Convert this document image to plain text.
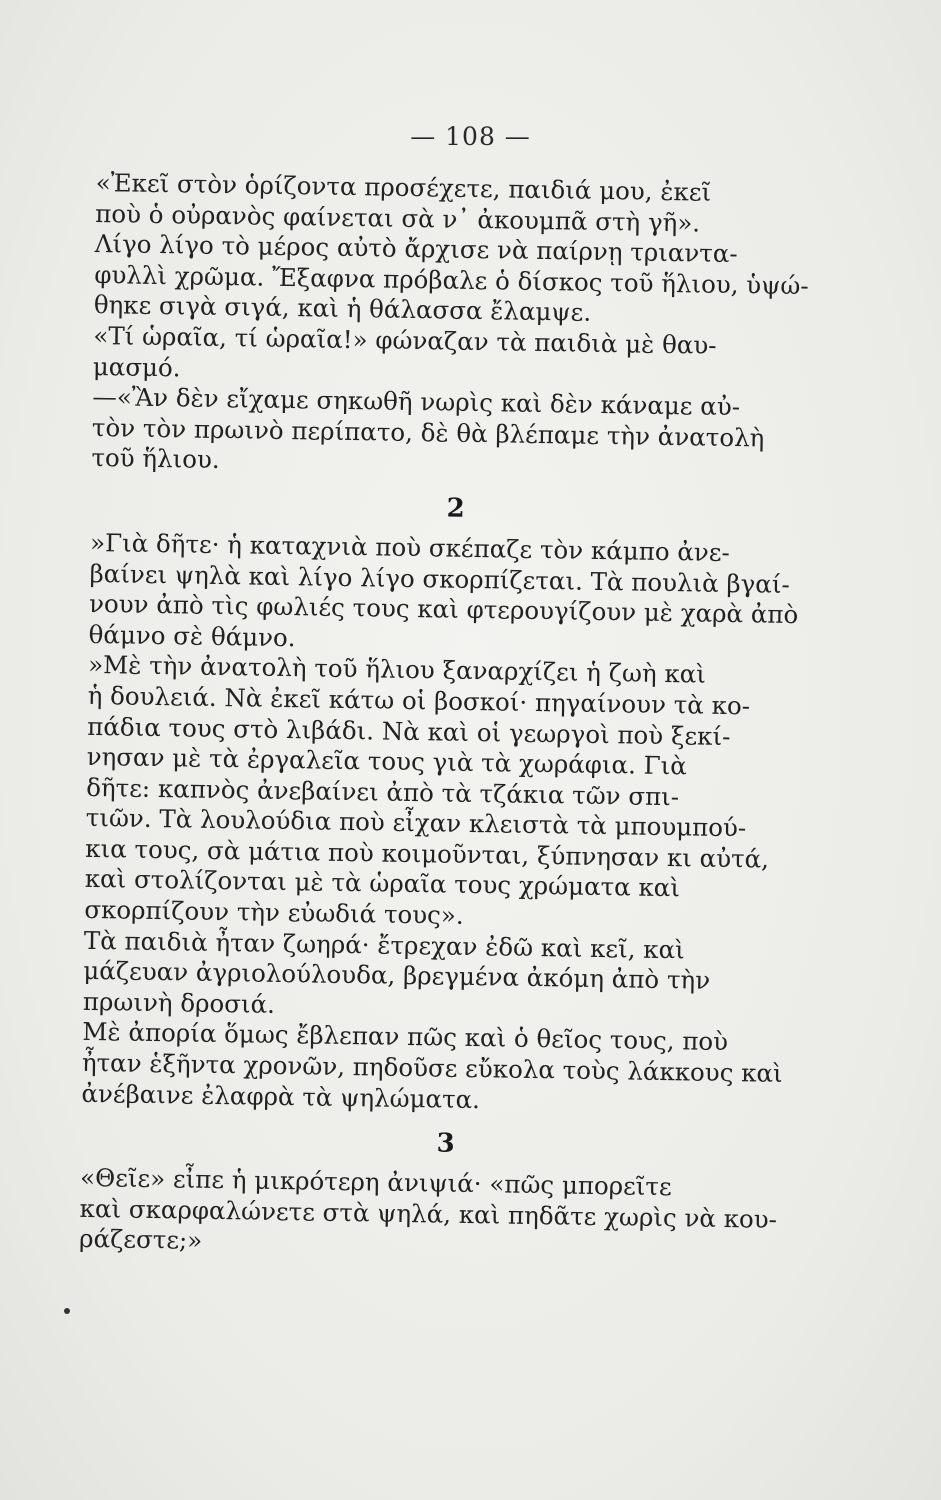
— 108 —

«Ἐκεῖ στὸν ὁρίζοντα προσέχετε, παιδιά μου, ἐκεῖ
ποὺ ὁ οὐρανὸς φαίνεται σὰ ν᾽ ἀκουμπᾶ στὴ γῆ».

Λίγο λίγο τὸ μέρος αὐτὸ ἄρχισε νὰ παίρνῃ τριαντα-
φυλλὶ χρῶμα. Ἔξαφνα πρόβαλε ὁ δίσκος τοῦ ἥλιου, ὑψώ-
θηκε σιγὰ σιγά, καὶ ἡ θάλασσα ἔλαμψε.

«Τί ὡραῖα, τί ὡραῖα!» φώναζαν τὰ παιδιὰ μὲ θαυ-
μασμό.

—«Ἂν δὲν εἴχαμε σηκωθῆ νωρὶς καὶ δὲν κάναμε αὐ-
τὸν τὸν πρωινὸ περίπατο, δὲ θὰ βλέπαμε τὴν ἀνατολὴ
τοῦ ἥλιου.

2

»Γιὰ δῆτε· ἡ καταχνιὰ ποὺ σκέπαζε τὸν κάμπο ἀνε-
βαίνει ψηλὰ καὶ λίγο λίγο σκορπίζεται. Τὰ πουλιὰ βγαί-
νουν ἀπὸ τὶς φωλιές τους καὶ φτερουγίζουν μὲ χαρὰ ἀπὸ
θάμνο σὲ θάμνο.

»Μὲ τὴν ἀνατολὴ τοῦ ἥλιου ξαναρχίζει ἡ ζωὴ καὶ
ἡ δουλειά. Νὰ ἐκεῖ κάτω οἱ βοσκοί· πηγαίνουν τὰ κο-
πάδια τους στὸ λιβάδι. Νὰ καὶ οἱ γεωργοὶ ποὺ ξεκί-
νησαν μὲ τὰ ἐργαλεῖα τους γιὰ τὰ χωράφια. Γιὰ
δῆτε: καπνὸς ἀνεβαίνει ἀπὸ τὰ τζάκια τῶν σπι-
τιῶν. Τὰ λουλούδια ποὺ εἶχαν κλειστὰ τὰ μπουμπού-
κια τους, σὰ μάτια ποὺ κοιμοῦνται, ξύπνησαν κι αὐτά,
καὶ στολίζονται μὲ τὰ ὡραῖα τους χρώματα καὶ
σκορπίζουν τὴν εὐωδιά τους».

Τὰ παιδιὰ ἦταν ζωηρά· ἔτρεχαν ἐδῶ καὶ κεῖ, καὶ
μάζευαν ἀγριολούλουδα, βρεγμένα ἀκόμη ἀπὸ τὴν
πρωινὴ δροσιά.

Μὲ ἀπορία ὅμως ἔβλεπαν πῶς καὶ ὁ θεῖος τους, ποὺ
ἦταν ἑξῆντα χρονῶν, πηδοῦσε εὔκολα τοὺς λάκκους καὶ
ἀνέβαινε ἐλαφρὰ τὰ ψηλώματα.

3

«Θεῖε» εἶπε ἡ μικρότερη ἀνιψιά· «πῶς μπορεῖτε
καὶ σκαρφαλώνετε στὰ ψηλά, καὶ πηδᾶτε χωρὶς νὰ κου-
ράζεστε;»
